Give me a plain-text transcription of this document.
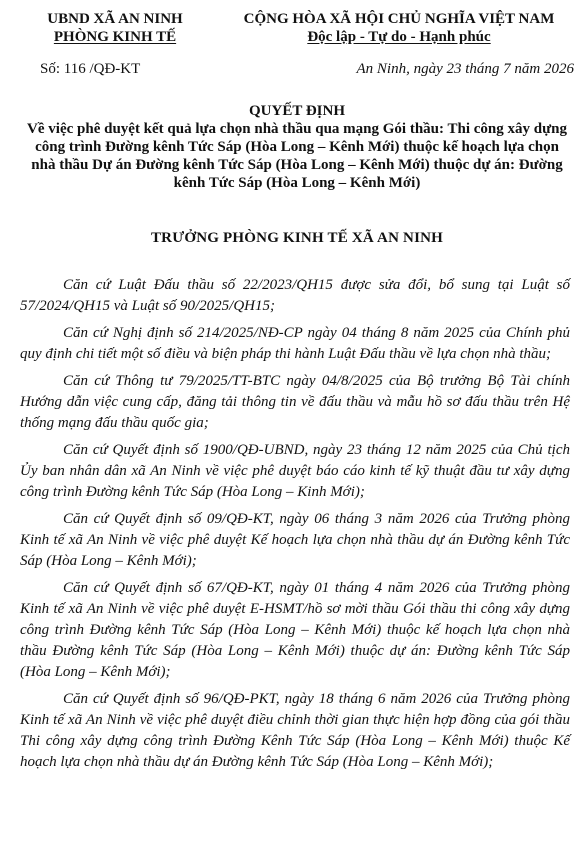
UBND XÃ AN NINH
PHÒNG KINH TẾ
CỘNG HÒA XÃ HỘI CHỦ NGHĨA VIỆT NAM
Độc lập - Tự do - Hạnh phúc
Số: 116 /QĐ-KT	An Ninh, ngày 23 tháng 7 năm 2026
QUYẾT ĐỊNH
Về việc phê duyệt kết quả lựa chọn nhà thầu qua mạng Gói thầu: Thi công xây dựng công trình Đường kênh Tức Sáp (Hòa Long – Kênh Mới) thuộc kế hoạch lựa chọn nhà thầu Dự án Đường kênh Tức Sáp (Hòa Long – Kênh Mới) thuộc dự án: Đường kênh Tức Sáp (Hòa Long – Kênh Mới)
TRƯỞNG PHÒNG KINH TẾ XÃ AN NINH

Căn cứ Luật Đấu thầu số 22/2023/QH15 được sửa đổi, bổ sung tại Luật số 57/2024/QH15 và Luật số 90/2025/QH15;

Căn cứ Nghị định số 214/2025/NĐ-CP ngày 04 tháng 8 năm 2025 của Chính phủ quy định chi tiết một số điều và biện pháp thi hành Luật Đấu thầu về lựa chọn nhà thầu;

Căn cứ Thông tư 79/2025/TT-BTC ngày 04/8/2025 của Bộ trưởng Bộ Tài chính Hướng dẫn việc cung cấp, đăng tải thông tin về đấu thầu và mẫu hồ sơ đấu thầu trên Hệ thống mạng đấu thầu quốc gia;

Căn cứ Quyết định số 1900/QĐ-UBND, ngày 23 tháng 12 năm 2025 của Chủ tịch Ủy ban nhân dân xã An Ninh về việc phê duyệt báo cáo kinh tế kỹ thuật đầu tư xây dựng công trình Đường kênh Tức Sáp (Hòa Long – Kinh Mới);

Căn cứ Quyết định số 09/QĐ-KT, ngày 06 tháng 3 năm 2026 của Trưởng phòng Kinh tế xã An Ninh về việc phê duyệt Kế hoạch lựa chọn nhà thầu dự án Đường kênh Tức Sáp (Hòa Long – Kênh Mới);

Căn cứ Quyết định số 67/QĐ-KT, ngày 01 tháng 4 năm 2026 của Trưởng phòng Kinh tế xã An Ninh về việc phê duyệt E-HSMT/hồ sơ mời thầu Gói thầu thi công xây dựng công trình Đường kênh Tức Sáp (Hòa Long – Kênh Mới) thuộc kế hoạch lựa chọn nhà thầu Đường kênh Tức Sáp (Hòa Long – Kênh Mới) thuộc dự án: Đường kênh Tức Sáp (Hòa Long – Kênh Mới);

Căn cứ Quyết định số 96/QĐ-PKT, ngày 18 tháng 6 năm 2026 của Trưởng phòng Kinh tế xã An Ninh về việc phê duyệt điều chỉnh thời gian thực hiện hợp đồng của gói thầu Thi công xây dựng công trình Đường Kênh Tức Sáp (Hòa Long – Kênh Mới) thuộc Kế hoạch lựa chọn nhà thầu dự án Đường kênh Tức Sáp (Hòa Long – Kênh Mới);
